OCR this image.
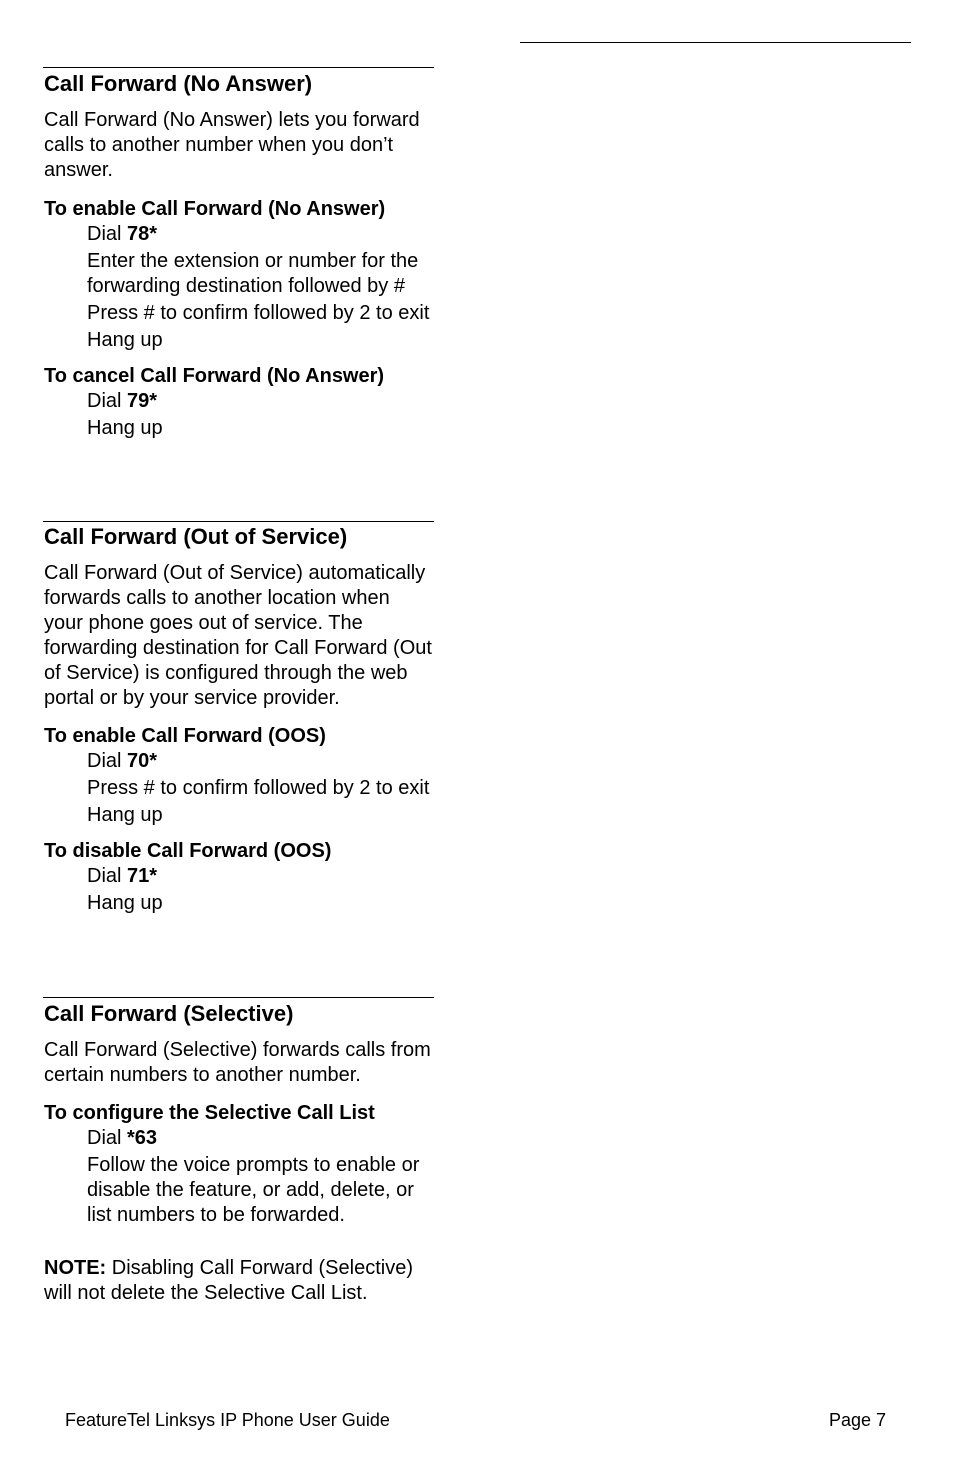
Call Forward (No Answer)

Call Forward (No Answer) lets you forward calls to another number when you don’t answer.

To enable Call Forward (No Answer)

Dial 78*

Enter the extension or number for the forwarding destination followed by #

Press # to confirm followed by 2 to exit

Hang up

To cancel Call Forward (No Answer)

Dial 79*

Hang up

Call Forward (Out of Service)

Call Forward (Out of Service) automatically forwards calls to another location when your phone goes out of service. The forwarding destination for Call Forward (Out of Service) is configured through the web portal or by your service provider.

To enable Call Forward (OOS)

Dial 70*

Press # to confirm followed by 2 to exit

Hang up

To disable Call Forward (OOS)

Dial 71*

Hang up

Call Forward (Selective)

Call Forward (Selective) forwards calls from certain numbers to another number.

To configure the Selective Call List

Dial *63

Follow the voice prompts to enable or disable the feature, or add, delete, or list numbers to be forwarded.

NOTE: Disabling Call Forward (Selective) will not delete the Selective Call List.

FeatureTel Linksys IP Phone User Guide	Page 7
